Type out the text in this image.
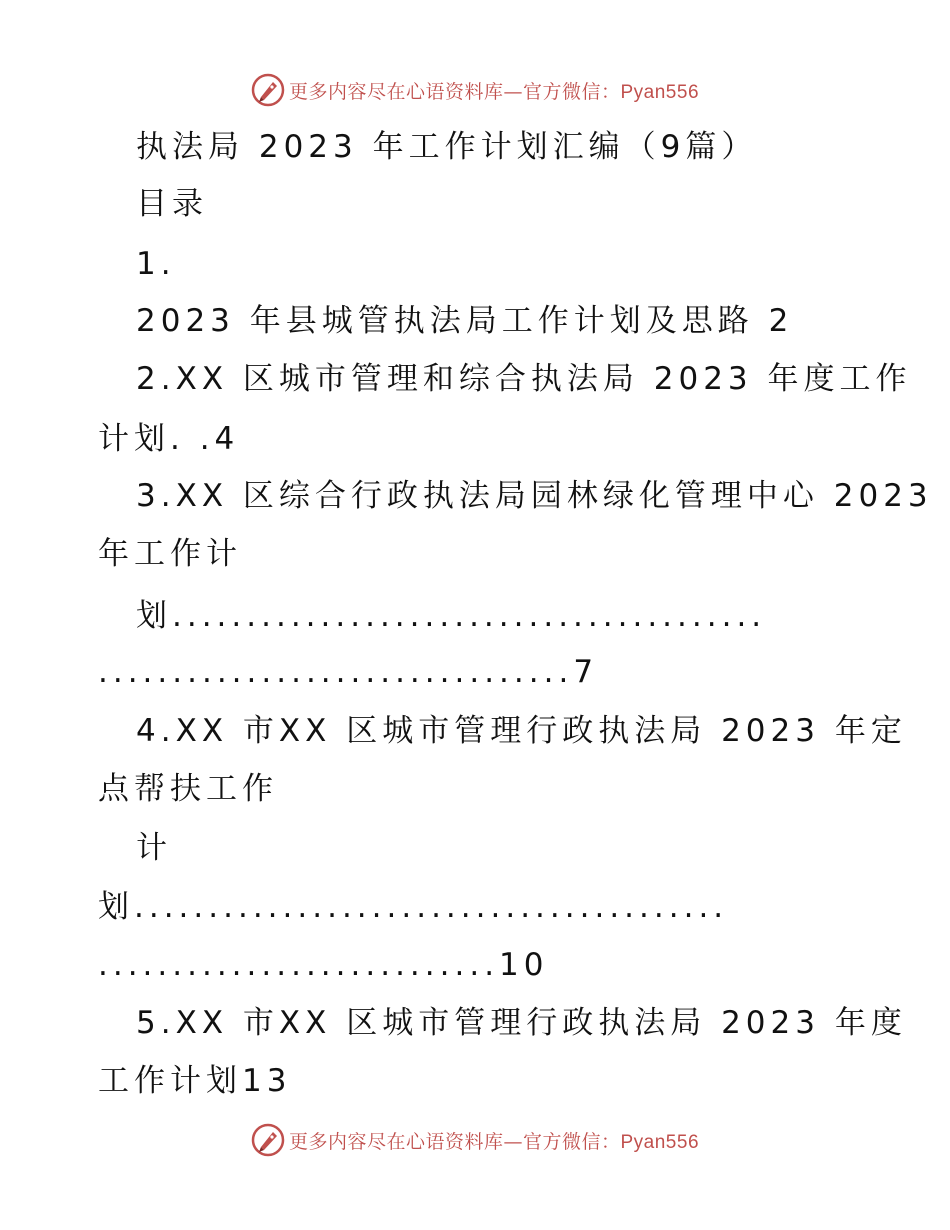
更多内容尽在心语资料库—官方微信：Pyan556
执法局 2023 年工作计划汇编（9篇）
目录
1.
2023 年县城管执法局工作计划及思路 2
2.XX 区城市管理和综合执法局 2023 年度工作
计划. .4
3.XX 区综合行政执法局园林绿化管理中心 2023
年工作计
划........................................
................................7
4.XX 市XX 区城市管理行政执法局 2023 年定
点帮扶工作
计
划........................................
...........................10
5.XX 市XX 区城市管理行政执法局 2023 年度
工作计划13
更多内容尽在心语资料库—官方微信：Pyan556
